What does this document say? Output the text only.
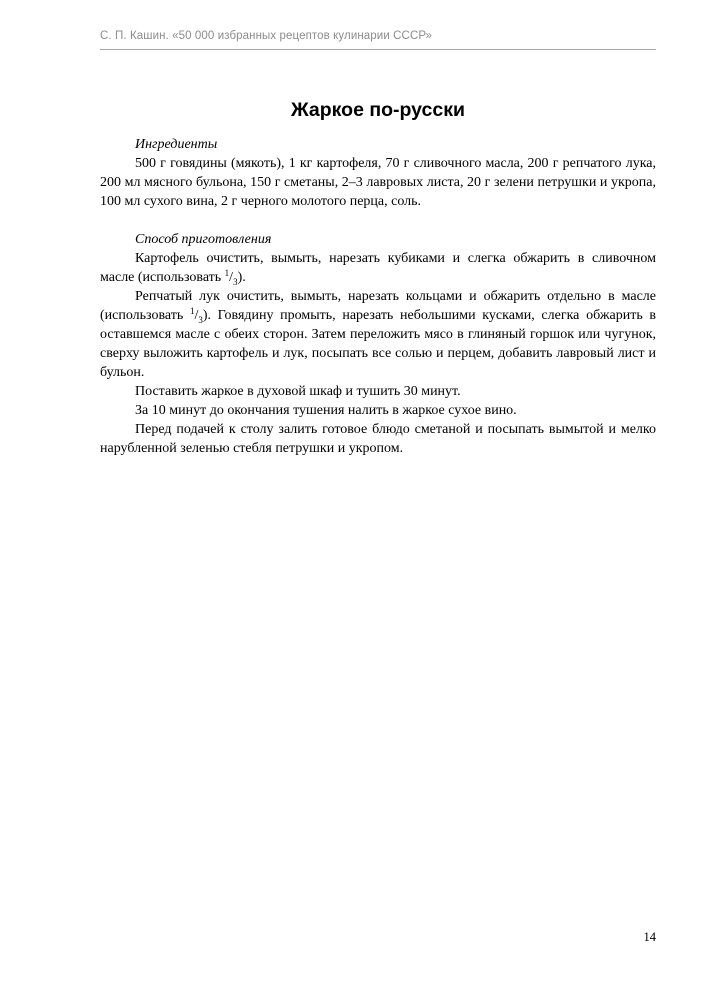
С. П. Кашин. «50 000 избранных рецептов кулинарии СССР»
Жаркое по-русски

Ингредиенты

500 г говядины (мякоть), 1 кг картофеля, 70 г сливочного масла, 200 г репчатого лука, 200 мл мясного бульона, 150 г сметаны, 2–3 лавровых листа, 20 г зелени петрушки и укропа, 100 мл сухого вина, 2 г черного молотого перца, соль.

Способ приготовления

Картофель очистить, вымыть, нарезать кубиками и слегка обжарить в сливочном масле (использовать $^1/_3$).

Репчатый лук очистить, вымыть, нарезать кольцами и обжарить отдельно в масле (использовать $^1/_3$). Говядину промыть, нарезать небольшими кусками, слегка обжарить в оставшемся масле с обеих сторон. Затем переложить мясо в глиняный горшок или чугунок, сверху выложить картофель и лук, посыпать все солью и перцем, добавить лавровый лист и бульон.

Поставить жаркое в духовой шкаф и тушить 30 минут.

За 10 минут до окончания тушения налить в жаркое сухое вино.

Перед подачей к столу залить готовое блюдо сметаной и посыпать вымытой и мелко нарубленной зеленью стебля петрушки и укропом.

14
